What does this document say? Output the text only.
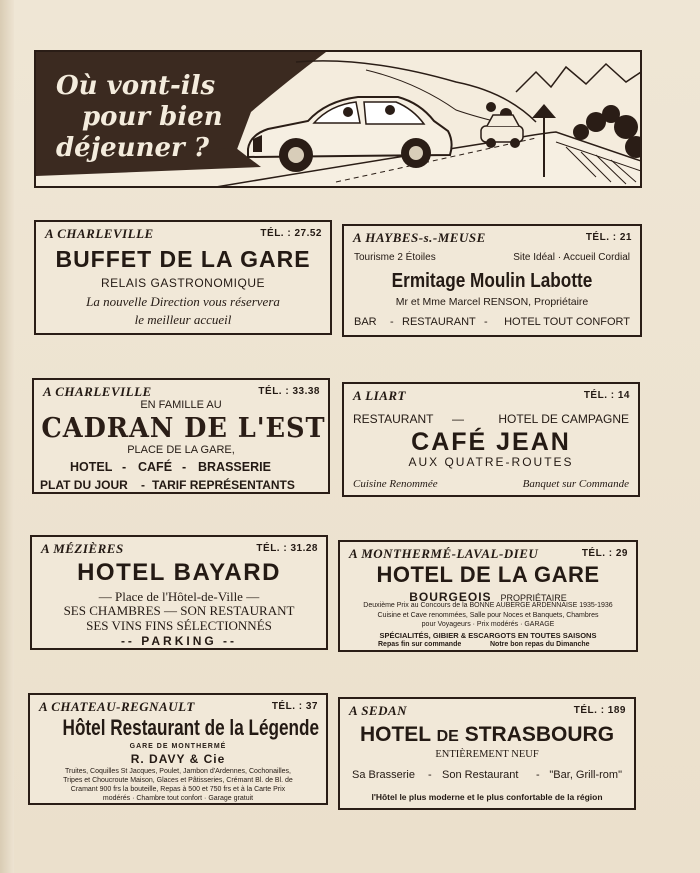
Où vont-ils
pour bien
déjeuner ?
A CHARLEVILLE	TÉL. : 27.52
BUFFET DE LA GARE
RELAIS GASTRONOMIQUE
La nouvelle Direction vous réservera
le meilleur accueil
A HAYBES-s.-MEUSE	TÉL. : 21
Tourisme 2 Étoiles	Site Idéal · Accueil Cordial
Ermitage Moulin Labotte
Mr et Mme Marcel RENSON, Propriétaire
BAR - RESTAURANT - HOTEL TOUT CONFORT
A CHARLEVILLE	TÉL. : 33.38
EN FAMILLE AU
CADRAN DE L'EST
PLACE DE LA GARE,
HOTEL - CAFÉ - BRASSERIE
PLAT DU JOUR - TARIF REPRÉSENTANTS
A LIART	TÉL. : 14
RESTAURANT —	HOTEL DE CAMPAGNE
CAFÉ JEAN
AUX QUATRE-ROUTES
Cuisine Renommée	Banquet sur Commande
A MÉZIÈRES	TÉL. : 31.28
HOTEL BAYARD
— Place de l'Hôtel-de-Ville —
SES CHAMBRES — SON RESTAURANT
SES VINS FINS SÉLECTIONNÉS
-- PARKING --
A MONTHERMÉ-LAVAL-DIEU	TÉL. : 29
HOTEL DE LA GARE
BOURGEOIS PROPRIÉTAIRE
Deuxième Prix au Concours de la BONNE AUBERGE ARDENNAISE 1935-1936
Cuisine et Cave renommées, Salle pour Noces et Banquets, Chambres
pour Voyageurs · Prix modérés · GARAGE
SPÉCIALITÉS, GIBIER & ESCARGOTS EN TOUTES SAISONS
Repas fin sur commande	Notre bon repas du Dimanche
A CHATEAU-REGNAULT	TÉL. : 37
Hôtel Restaurant de la Légende
GARE DE MONTHERMÉ
R. DAVY & Cie
Truites, Coquilles St Jacques, Poulet, Jambon d'Ardennes, Cochonailles,
Tripes et Choucroute Maison, Glaces et Pâtisseries, Crémant Bl. de Bl. de
Cramant 900 frs la bouteille, Repas à 500 et 750 frs et à la Carte Prix
modérés · Chambre tout confort · Garage gratuit
A SEDAN	TÉL. : 189
HOTEL DE STRASBOURG
ENTIÈREMENT NEUF
Sa Brasserie - Son Restaurant - "Bar, Grill-rom"
l'Hôtel le plus moderne et le plus confortable de la région
